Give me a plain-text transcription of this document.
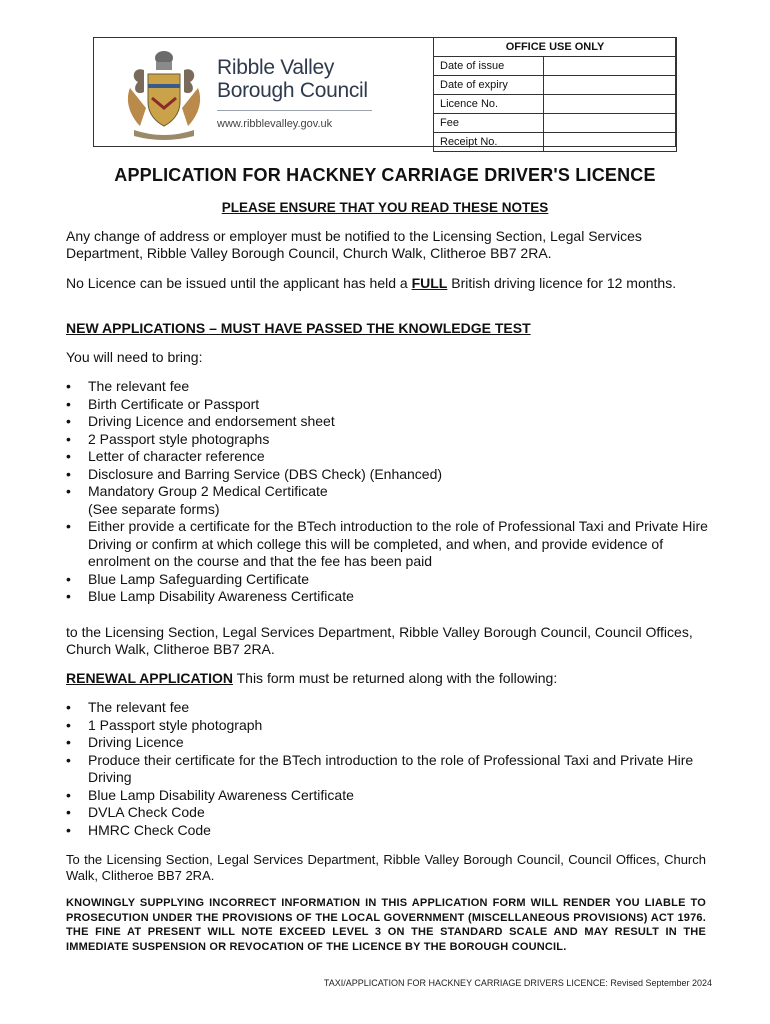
Ribble Valley
Borough Council
www.ribblevalley.gov.uk
OFFICE USE ONLY	
Date of issue	
Date of expiry	
Licence No.	
Fee	
Receipt No.	
APPLICATION FOR HACKNEY CARRIAGE DRIVER'S LICENCE
PLEASE ENSURE THAT YOU READ THESE NOTES
Any change of address or employer must be notified to the Licensing Section, Legal Services Department, Ribble Valley Borough Council, Church Walk, Clitheroe BB7 2RA.
No Licence can be issued until the applicant has held a FULL British driving licence for 12 months.
NEW APPLICATIONS – MUST HAVE PASSED THE KNOWLEDGE TEST
You will need to bring:
• The relevant fee
• Birth Certificate or Passport
• Driving Licence and endorsement sheet
• 2 Passport style photographs
• Letter of character reference
• Disclosure and Barring Service (DBS Check) (Enhanced)
• Mandatory Group 2 Medical Certificate
(See separate forms)
• Either provide a certificate for the BTech introduction to the role of Professional Taxi and Private Hire Driving or confirm at which college this will be completed, and when, and provide evidence of enrolment on the course and that the fee has been paid
• Blue Lamp Safeguarding Certificate
• Blue Lamp Disability Awareness Certificate
to the Licensing Section, Legal Services Department, Ribble Valley Borough Council, Council Offices, Church Walk, Clitheroe BB7 2RA.
RENEWAL APPLICATION This form must be returned along with the following:
• The relevant fee
• 1 Passport style photograph
• Driving Licence
• Produce their certificate for the BTech introduction to the role of Professional Taxi and Private Hire Driving
• Blue Lamp Disability Awareness Certificate
• DVLA Check Code
• HMRC Check Code
To the Licensing Section, Legal Services Department, Ribble Valley Borough Council, Council Offices, Church Walk, Clitheroe BB7 2RA.
KNOWINGLY SUPPLYING INCORRECT INFORMATION IN THIS APPLICATION FORM WILL RENDER YOU LIABLE TO PROSECUTION UNDER THE PROVISIONS OF THE LOCAL GOVERNMENT (MISCELLANEOUS PROVISIONS) ACT 1976. THE FINE AT PRESENT WILL NOTE EXCEED LEVEL 3 ON THE STANDARD SCALE AND MAY RESULT IN THE IMMEDIATE SUSPENSION OR REVOCATION OF THE LICENCE BY THE BOROUGH COUNCIL.
TAXI/APPLICATION FOR HACKNEY CARRIAGE DRIVERS LICENCE: Revised September 2024
